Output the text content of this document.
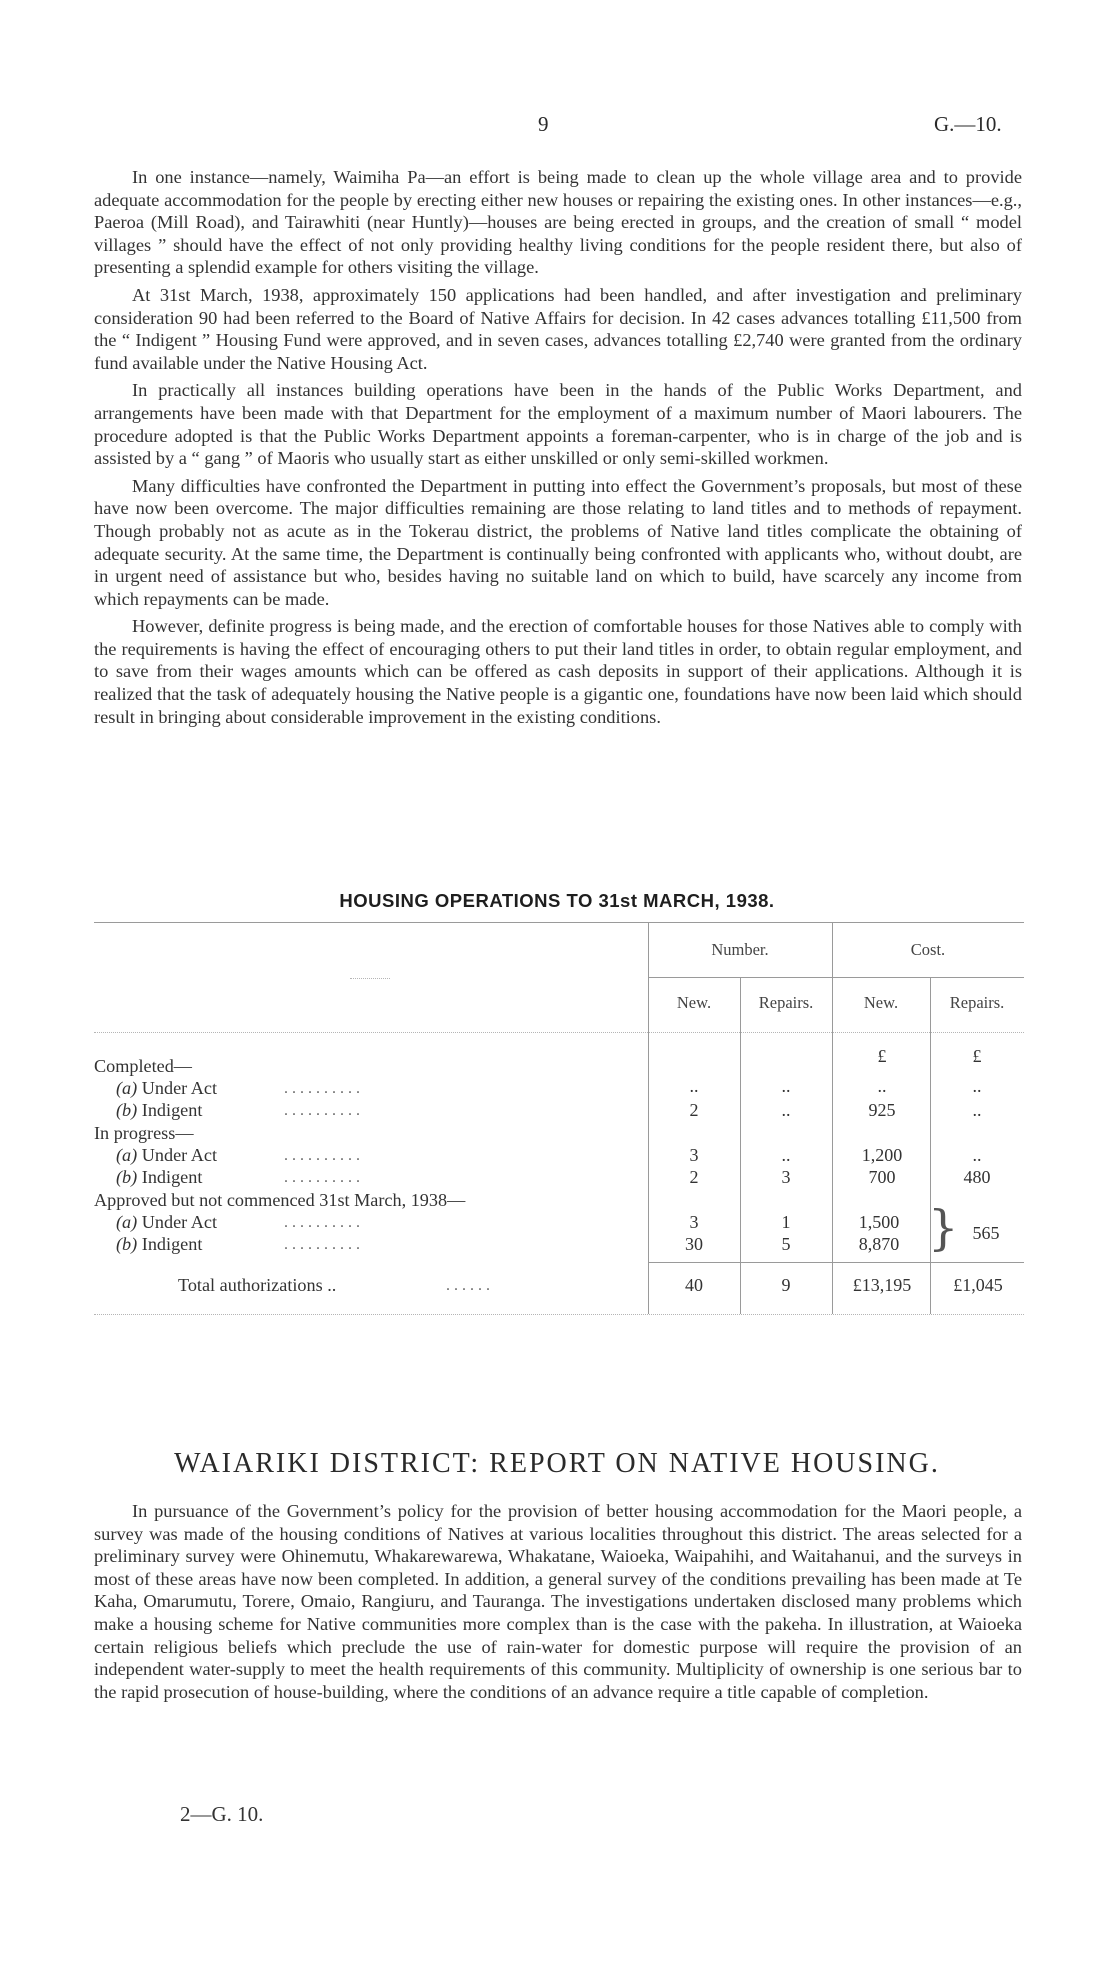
9	G.—10.

In one instance—namely, Waimiha Pa—an effort is being made to clean up the whole village area and to provide adequate accommodation for the people by erecting either new houses or repairing the existing ones. In other instances—e.g., Paeroa (Mill Road), and Tairawhiti (near Huntly)—houses are being erected in groups, and the creation of small “ model villages ” should have the effect of not only providing healthy living conditions for the people resident there, but also of presenting a splendid example for others visiting the village.

At 31st March, 1938, approximately 150 applications had been handled, and after investigation and preliminary consideration 90 had been referred to the Board of Native Affairs for decision. In 42 cases advances totalling £11,500 from the “ Indigent ” Housing Fund were approved, and in seven cases, advances totalling £2,740 were granted from the ordinary fund available under the Native Housing Act.

In practically all instances building operations have been in the hands of the Public Works Department, and arrangements have been made with that Department for the employment of a maximum number of Maori labourers. The procedure adopted is that the Public Works Department appoints a foreman-carpenter, who is in charge of the job and is assisted by a “ gang ” of Maoris who usually start as either unskilled or only semi-skilled workmen.

Many difficulties have confronted the Department in putting into effect the Government’s proposals, but most of these have now been overcome. The major difficulties remaining are those relating to land titles and to methods of repayment. Though probably not as acute as in the Tokerau district, the problems of Native land titles complicate the obtaining of adequate security. At the same time, the Department is continually being confronted with applicants who, without doubt, are in urgent need of assistance but who, besides having no suitable land on which to build, have scarcely any income from which repayments can be made.

However, definite progress is being made, and the erection of comfortable houses for those Natives able to comply with the requirements is having the effect of encouraging others to put their land titles in order, to obtain regular employment, and to save from their wages amounts which can be offered as cash deposits in support of their applications. Although it is realized that the task of adequately housing the Native people is a gigantic one, foundations have now been laid which should result in bringing about considerable improvement in the existing conditions.

HOUSING OPERATIONS TO 31st MARCH, 1938.
Number.	Cost.
New.	Repairs.	New.	Repairs.
£	£
Completed—
(a) Under Act	. . . . . . . . . .	..	..	..	..
(b) Indigent	. . . . . . . . . .	2	..	925	..
In progress—
(a) Under Act	. . . . . . . . . .	3	..	1,200	..
(b) Indigent	. . . . . . . . . .	2	3	700	480
Approved but not commenced 31st March, 1938—
(a) Under Act	. . . . . . . . . .	3	1	1,500
(b) Indigent	. . . . . . . . . .	30	5	8,870 } 565
Total authorizations ..	. . . . . .	40	9	£13,195	£1,045
WAIARIKI DISTRICT: REPORT ON NATIVE HOUSING.

In pursuance of the Government’s policy for the provision of better housing accommodation for the Maori people, a survey was made of the housing conditions of Natives at various localities throughout this district. The areas selected for a preliminary survey were Ohinemutu, Whakarewarewa, Whakatane, Waioeka, Waipahihi, and Waitahanui, and the surveys in most of these areas have now been completed. In addition, a general survey of the conditions prevailing has been made at Te Kaha, Omarumutu, Torere, Omaio, Rangiuru, and Tauranga. The investigations undertaken disclosed many problems which make a housing scheme for Native communities more complex than is the case with the pakeha. In illustration, at Waioeka certain religious beliefs which preclude the use of rain-water for domestic purpose will require the provision of an independent water-supply to meet the health requirements of this community. Multiplicity of ownership is one serious bar to the rapid prosecution of house-building, where the conditions of an advance require a title capable of completion.

2—G. 10.
